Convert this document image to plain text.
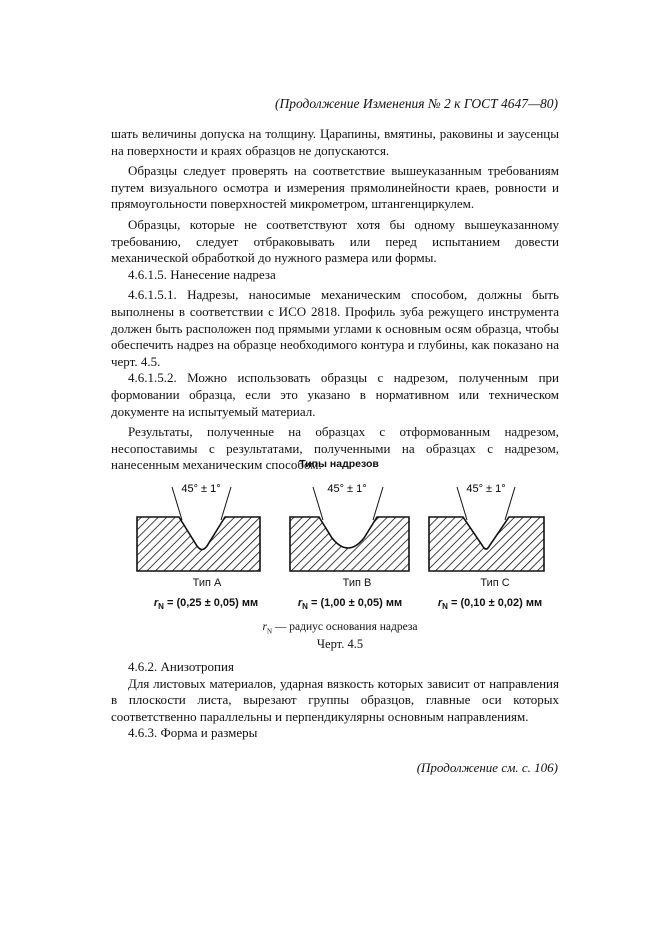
(Продолжение Изменения № 2 к ГОСТ 4647—80)

шать величины допуска на толщину. Царапины, вмятины, раковины и заусенцы на поверхности и краях образцов не допускаются.

Образцы следует проверять на соответствие вышеуказанным требованиям путем визуального осмотра и измерения прямолинейности краев, ровности и прямоугольности поверхностей микрометром, штангенциркулем.

Образцы, которые не соответствуют хотя бы одному вышеуказанному требованию, следует отбраковывать или перед испытанием довести механической обработкой до нужного размера или формы.

4.6.1.5. Нанесение надреза

4.6.1.5.1. Надрезы, наносимые механическим способом, должны быть выполнены в соответствии с ИСО 2818. Профиль зуба режущего инструмента должен быть расположен под прямыми углами к основным осям образца, чтобы обеспечить надрез на образце необходимого контура и глубины, как показано на черт. 4.5.

4.6.1.5.2. Можно использовать образцы с надрезом, полученным при формовании образца, если это указано в нормативном или техническом документе на испытуемый материал.

Результаты, полученные на образцах с отформованным надрезом, несопоставимы с результатами, полученными на образцах с надрезом, нанесенным механическим способом.

Типы надрезов
45° ± 1°	45° ± 1°	45° ± 1°
Тип А	Тип В	Тип С
$r_N = (0,25 \pm 0,05)$ мм	$r_N = (1,00 \pm 0,05)$ мм	$r_N = (0,10 \pm 0,02)$ мм
$r_N$ — радиус основания надреза
Черт. 4.5

4.6.2. Анизотропия

Для листовых материалов, ударная вязкость которых зависит от направления в плоскости листа, вырезают группы образцов, главные оси которых соответственно параллельны и перпендикулярны основным направлениям.

4.6.3. Форма и размеры

(Продолжение см. с. 106)
